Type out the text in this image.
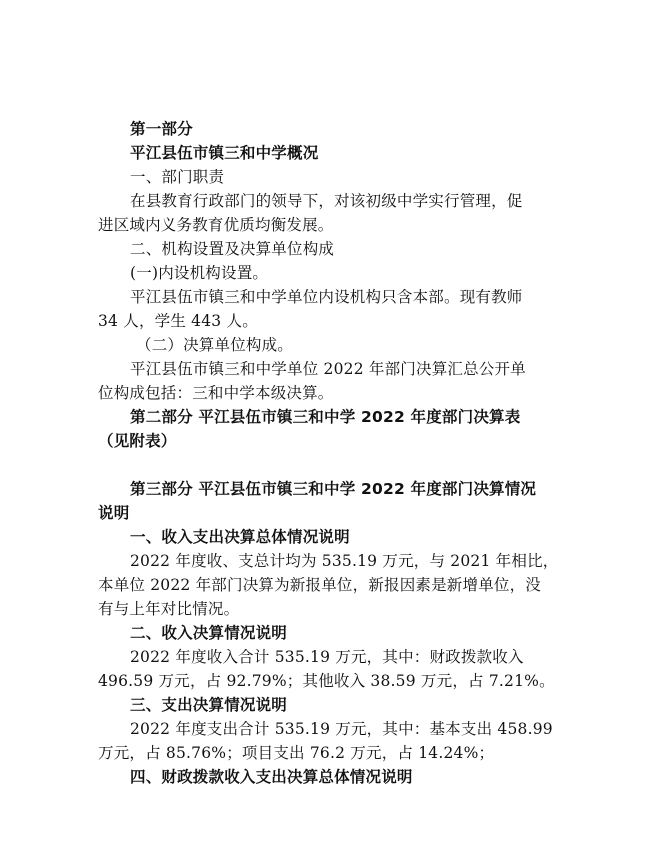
第一部分
平江县伍市镇三和中学概况
一、部门职责
在县教育行政部门的领导下，对该初级中学实行管理，促
进区域内义务教育优质均衡发展。
二、机构设置及决算单位构成
(一)内设机构设置。
平江县伍市镇三和中学单位内设机构只含本部。现有教师
34 人，学生 443 人。
（二）决算单位构成。
平江县伍市镇三和中学单位 2022 年部门决算汇总公开单
位构成包括：三和中学本级决算。
第二部分 平江县伍市镇三和中学 2022 年度部门决算表
（见附表）
第三部分 平江县伍市镇三和中学 2022 年度部门决算情况
说明
一、收入支出决算总体情况说明
2022 年度收、支总计均为 535.19 万元，与 2021 年相比，
本单位 2022 年部门决算为新报单位，新报因素是新增单位，没
有与上年对比情况。
二、收入决算情况说明
2022 年度收入合计 535.19 万元，其中：财政拨款收入
496.59 万元，占 92.79%；其他收入 38.59 万元，占 7.21%。
三、支出决算情况说明
2022 年度支出合计 535.19 万元，其中：基本支出 458.99
万元，占 85.76%；项目支出 76.2 万元，占 14.24%；
四、财政拨款收入支出决算总体情况说明
